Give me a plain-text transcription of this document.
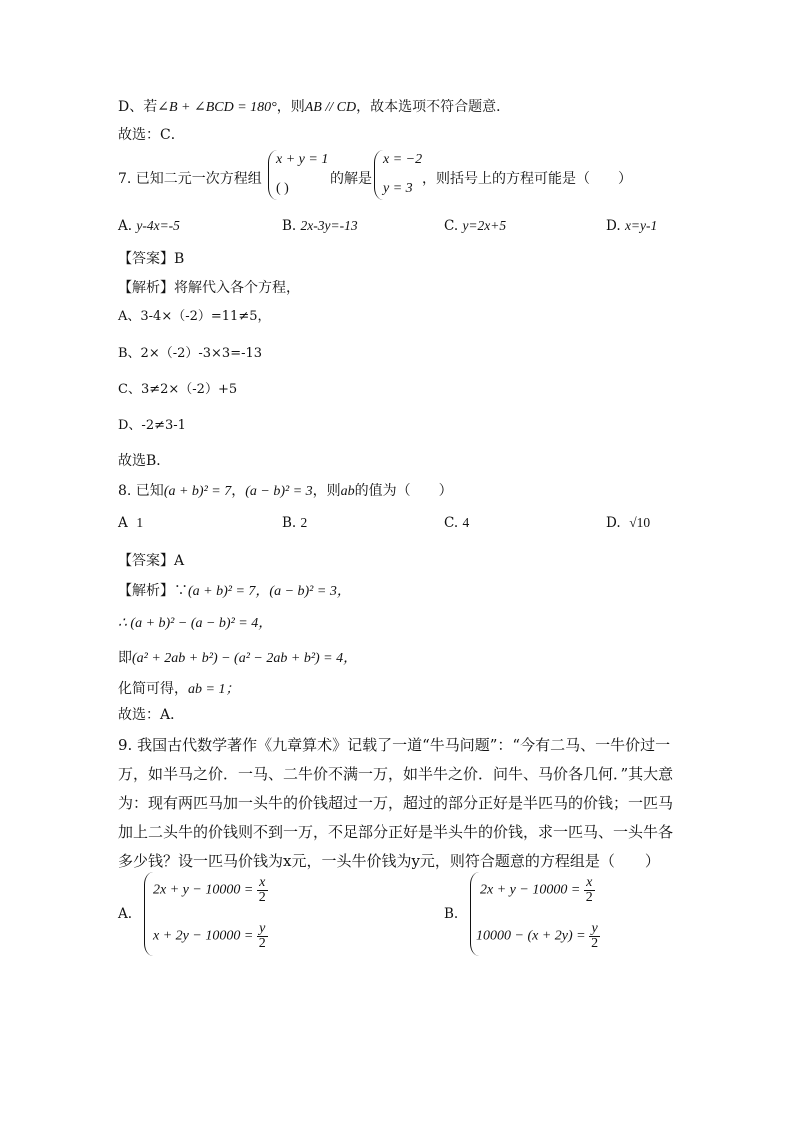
D、若∠B + ∠BCD = 180°，则AB // CD，故本选项不符合题意．
故选：C．
7. 已知二元一次方程组
x + y = 1
( )
的解是
x = −2
y = 3
，则括号上的方程可能是（　　）
A. y-4x=-5	B. 2x-3y=-13	C. y=2x+5	D. x=y-1
【答案】B
【解析】将解代入各个方程，
A、3-4×（-2）=11≠5，
B、2×（-2）-3×3=-13
C、3≠2×（-2）+5
D、-2≠3-1
故选B．
8. 已知(a + b)² = 7，(a − b)² = 3，则ab的值为（　　）
A 1	B. 2	C. 4	D. √10
【答案】A
【解析】∵(a + b)² = 7，(a − b)² = 3，
∴ (a + b)² − (a − b)² = 4，
即(a² + 2ab + b²) − (a² − 2ab + b²) = 4，
化简可得，ab = 1；
故选：A．
9. 我国古代数学著作《九章算术》记载了一道“牛马问题”：“今有二马、一牛价过一万，如半马之价．一马、二牛价不满一万，如半牛之价．问牛、马价各几何．”其大意为：现有两匹马加一头牛的价钱超过一万，超过的部分正好是半匹马的价钱；一匹马加上二头牛的价钱则不到一万，不足部分正好是半头牛的价钱，求一匹马、一头牛各多少钱？设一匹马价钱为x元，一头牛价钱为y元，则符合题意的方程组是（　　）
A.
$2x + y - 10000 = \frac{x}{2}$
$x + 2y - 10000 = \frac{y}{2}$
B.
$2x + y - 10000 = \frac{x}{2}$
$10000 - (x + 2y) = \frac{y}{2}$
